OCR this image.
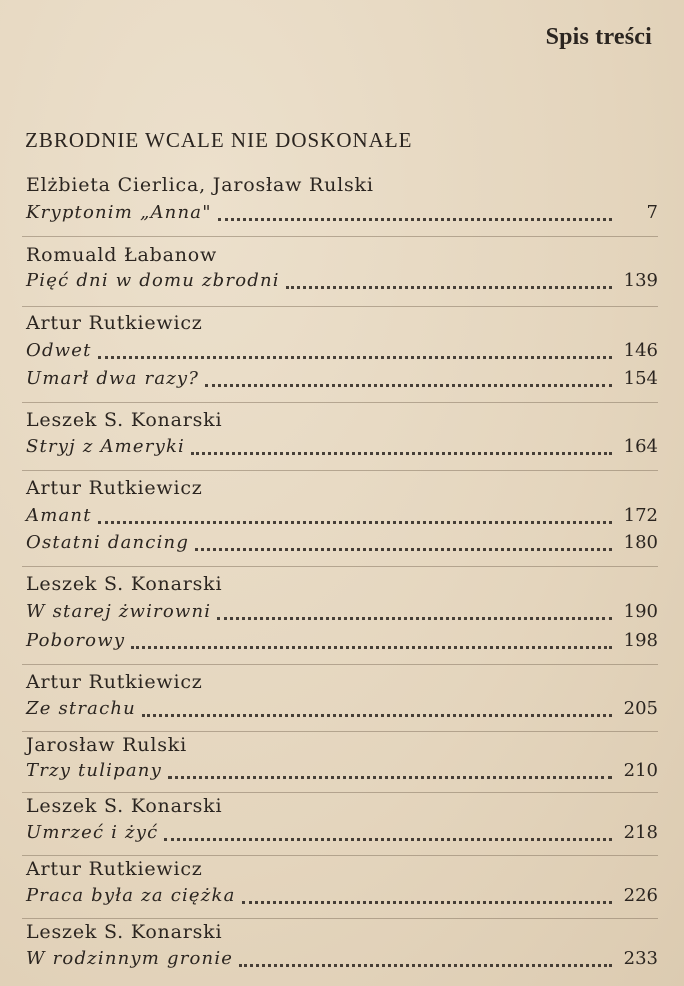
Spis treści
ZBRODNIE WCALE NIE DOSKONAŁE
Elżbieta Cierlica, Jarosław Rulski
Kryptonim „Anna"	7
Romuald Łabanow
Pięć dni w domu zbrodni	139
Artur Rutkiewicz
Odwet	146
Umarł dwa razy?	154
Leszek S. Konarski
Stryj z Ameryki	164
Artur Rutkiewicz
Amant	172
Ostatni dancing	180
Leszek S. Konarski
W starej żwirowni	190
Poborowy	198
Artur Rutkiewicz
Ze strachu	205
Jarosław Rulski
Trzy tulipany	210
Leszek S. Konarski
Umrzeć i żyć	218
Artur Rutkiewicz
Praca była za ciężka	226
Leszek S. Konarski
W rodzinnym gronie	233
